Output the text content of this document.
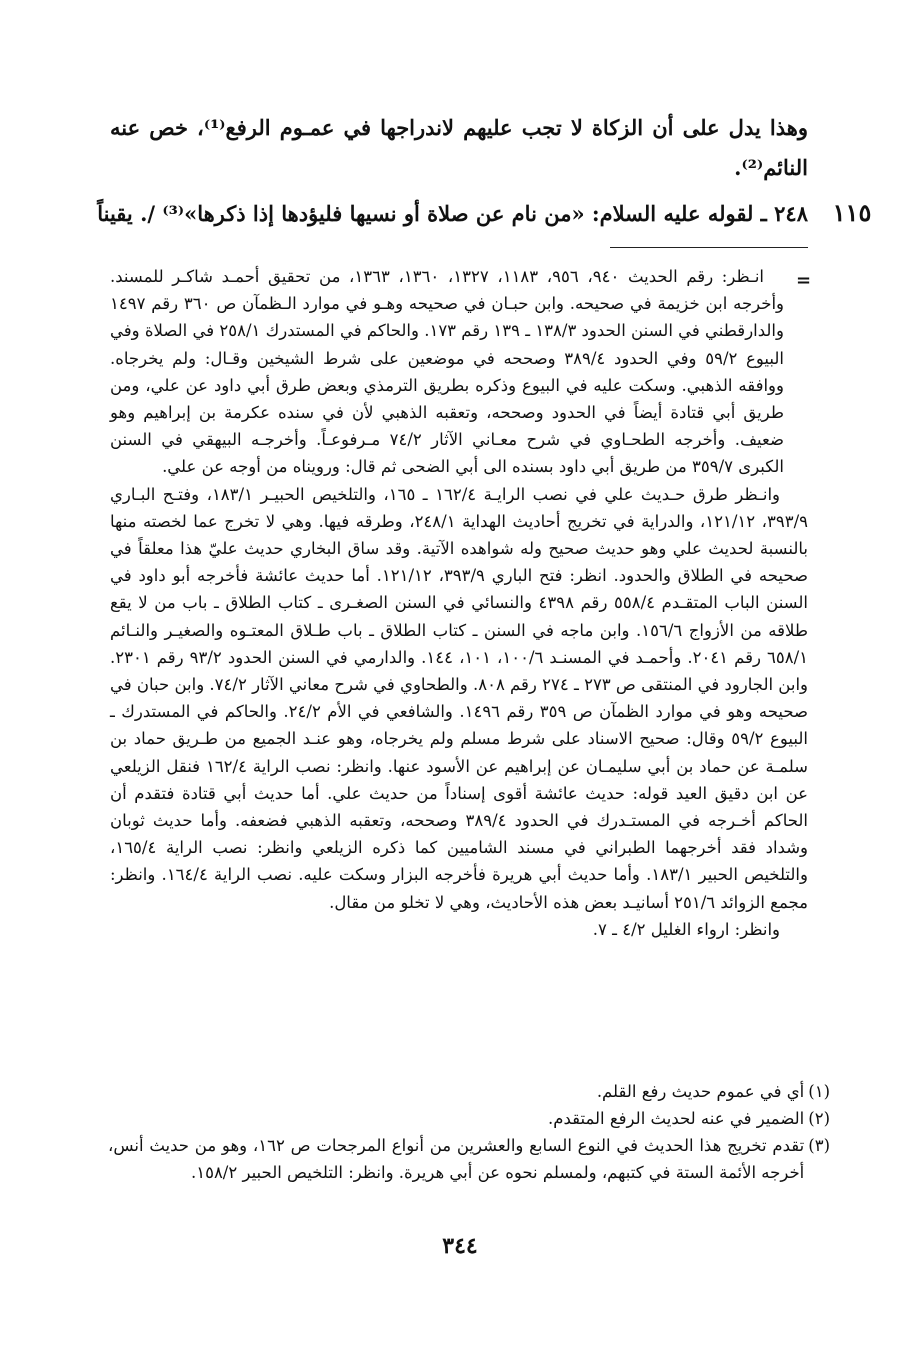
وهذا يدل على أن الزكاة لا تجب عليهم لاندراجها في عمـوم الرفع⁽¹⁾، خص عنه النائم⁽²⁾.

٢٤٨ ـ لقوله عليه السلام: «من نام عن صلاة أو نسيها فليؤدها إذا ذكرها»⁽³⁾ /. يقيناً	١١٥

انـظر: رقم الحديث ٩٤٠، ٩٥٦، ١١٨٣، ١٣٢٧، ١٣٦٠، ١٣٦٣، من تحقيق أحمـد شاكـر للمسند. وأخرجه ابن خزيمة في صحيحه. وابن حبـان في صحيحه وهـو في موارد الـظمآن ص ٣٦٠ رقم ١٤٩٧ والدارقطني في السنن الحدود ١٣٨/٣ ـ ١٣٩ رقم ١٧٣. والحاكم في المستدرك ٢٥٨/١ في الصلاة وفي البيوع ٥٩/٢ وفي الحدود ٣٨٩/٤ وصححه في موضعين على شرط الشيخين وقـال: ولم يخرجاه. ووافقه الذهبي. وسكت عليه في البيوع وذكره بطريق الترمذي وبعض طرق أبي داود عن علي، ومن طريق أبي قتادة أيضاً في الحدود وصححه، وتعقبه الذهبي لأن في سنده عكرمة بن إبراهيم وهو ضعيف. وأخرجه الطحـاوي في شرح معـاني الآثار ٧٤/٢ مـرفوعـاً. وأخرجـه البيهقي في السنن الكبرى ٣٥٩/٧ من طريق أبي داود بسنده الى أبي الضحى ثم قال: ورويناه من أوجه عن علي.

وانـظر طرق حـديث علي في نصب الرايـة ١٦٢/٤ ـ ١٦٥، والتلخيص الحبيـر ١٨٣/١، وفتـح البـاري ٣٩٣/٩، ١٢١/١٢، والدراية في تخريج أحاديث الهداية ٢٤٨/١، وطرقه فيها. وهي لا تخرج عما لخصته منها بالنسبة لحديث علي وهو حديث صحيح وله شواهده الآتية. وقد ساق البخاري حديث عليّ هذا معلقاً في صحيحه في الطلاق والحدود. انظر: فتح الباري ٣٩٣/٩، ١٢١/١٢. أما حديث عائشة فأخرجه أبو داود في السنن الباب المتقـدم ٥٥٨/٤ رقم ٤٣٩٨ والنسائي في السنن الصغـرى ـ كتاب الطلاق ـ باب من لا يقع طلاقه من الأزواج ١٥٦/٦. وابن ماجه في السنن ـ كتاب الطلاق ـ باب طـلاق المعتـوه والصغيـر والنـائم ٦٥٨/١ رقم ٢٠٤١. وأحمـد في المسنـد ١٠٠/٦، ١٠١، ١٤٤. والدارمي في السنن الحدود ٩٣/٢ رقم ٢٣٠١. وابن الجارود في المنتقى ص ٢٧٣ ـ ٢٧٤ رقم ٨٠٨. والطحاوي في شرح معاني الآثار ٧٤/٢. وابن حبان في صحيحه وهو في موارد الظمآن ص ٣٥٩ رقم ١٤٩٦. والشافعي في الأم ٢٤/٢. والحاكم في المستدرك ـ البيوع ٥٩/٢ وقال: صحيح الاسناد على شرط مسلم ولم يخرجاه، وهو عنـد الجميع من طـريق حماد بن سلمـة عن حماد بن أبي سليمـان عن إبراهيم عن الأسود عنها. وانظر: نصب الراية ١٦٢/٤ فنقل الزيلعي عن ابن دقيق العيد قوله: حديث عائشة أقوى إسناداً من حديث علي. أما حديث أبي قتادة فتقدم أن الحاكم أخـرجه في المستـدرك في الحدود ٣٨٩/٤ وصححه، وتعقبه الذهبي فضعفه. وأما حديث ثوبان وشداد فقد أخرجهما الطبراني في مسند الشاميين كما ذكره الزيلعي وانظر: نصب الراية ١٦٥/٤، والتلخيص الحبير ١٨٣/١. وأما حديث أبي هريرة فأخرجه البزار وسكت عليه. نصب الراية ١٦٤/٤. وانظر: مجمع الزوائد ٢٥١/٦ أسانيـد بعض هذه الأحاديث، وهي لا تخلو من مقال.

وانظر: ارواء الغليل ٤/٢ ـ ٧.

=
(١)
أي في عموم حديث رفع القلم.
(٢)
الضمير في عنه لحديث الرفع المتقدم.
(٣)
تقدم تخريج هذا الحديث في النوع السابع والعشرين من أنواع المرجحات ص ١٦٢، وهو من حديث أنس، أخرجه الأئمة الستة في كتبهم، ولمسلم نحوه عن أبي هريرة. وانظر: التلخيص الحبير ١٥٨/٢.
٣٤٤
